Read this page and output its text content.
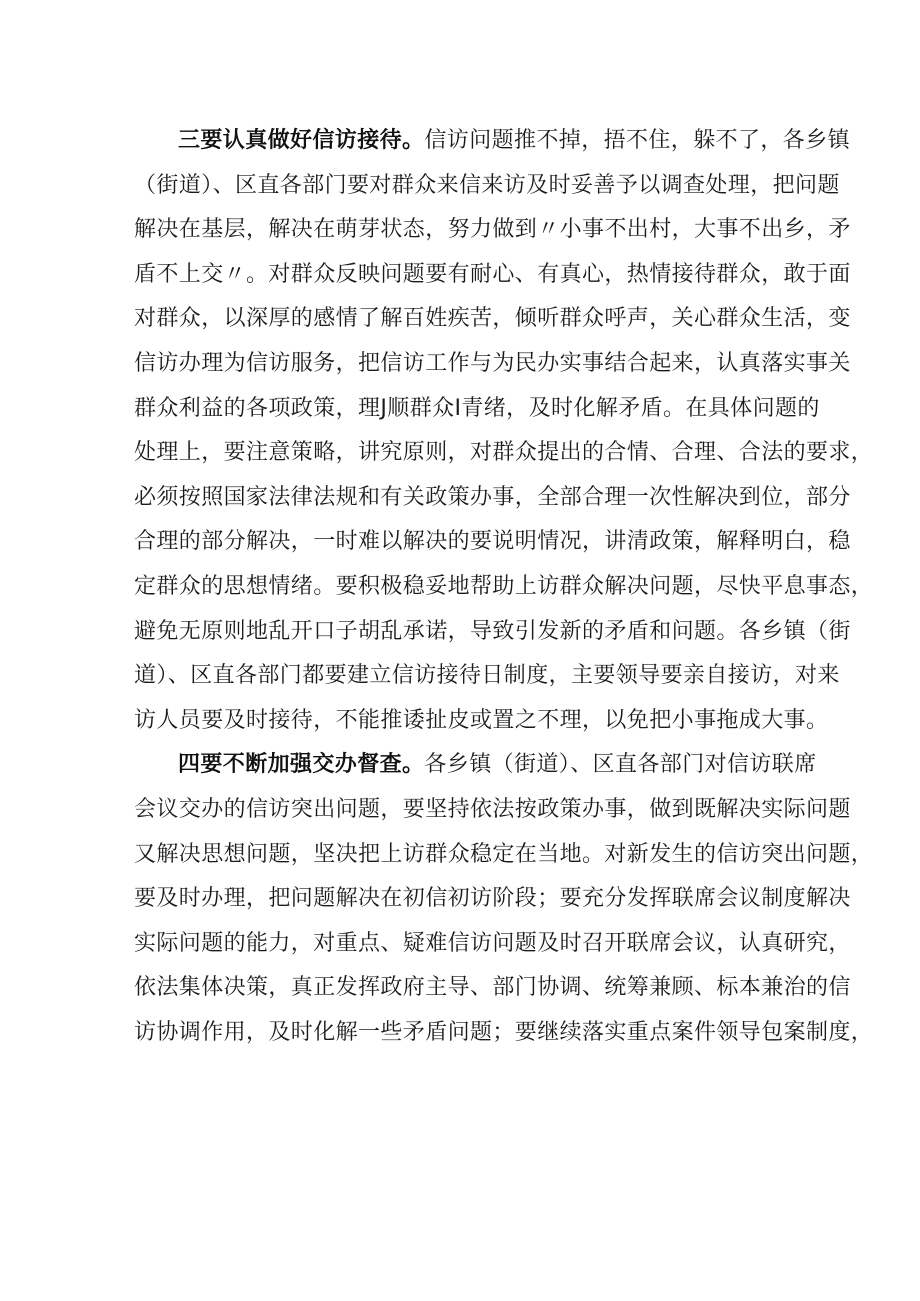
三要认真做好信访接待。信访问题推不掉，捂不住，躲不了，各乡镇
（街道）、区直各部门要对群众来信来访及时妥善予以调查处理，把问题
解决在基层，解决在萌芽状态，努力做到〃小事不出村，大事不出乡，矛
盾不上交〃。对群众反映问题要有耐心、有真心，热情接待群众，敢于面
对群众，以深厚的感情了解百姓疾苦，倾听群众呼声，关心群众生活，变
信访办理为信访服务，把信访工作与为民办实事结合起来，认真落实事关
群众利益的各项政策，理J顺群众I青绪，及时化解矛盾。在具体问题的
处理上，要注意策略，讲究原则，对群众提出的合情、合理、合法的要求，
必须按照国家法律法规和有关政策办事，全部合理一次性解决到位，部分
合理的部分解决，一时难以解决的要说明情况，讲清政策，解释明白，稳
定群众的思想情绪。要积极稳妥地帮助上访群众解决问题，尽快平息事态，
避免无原则地乱开口子胡乱承诺，导致引发新的矛盾和问题。各乡镇（街
道）、区直各部门都要建立信访接待日制度，主要领导要亲自接访，对来
访人员要及时接待，不能推诿扯皮或置之不理，以免把小事拖成大事。
四要不断加强交办督查。各乡镇（街道）、区直各部门对信访联席
会议交办的信访突出问题，要坚持依法按政策办事，做到既解决实际问题
又解决思想问题，坚决把上访群众稳定在当地。对新发生的信访突出问题，
要及时办理，把问题解决在初信初访阶段；要充分发挥联席会议制度解决
实际问题的能力，对重点、疑难信访问题及时召开联席会议，认真研究，
依法集体决策，真正发挥政府主导、部门协调、统筹兼顾、标本兼治的信
访协调作用，及时化解一些矛盾问题；要继续落实重点案件领导包案制度，
